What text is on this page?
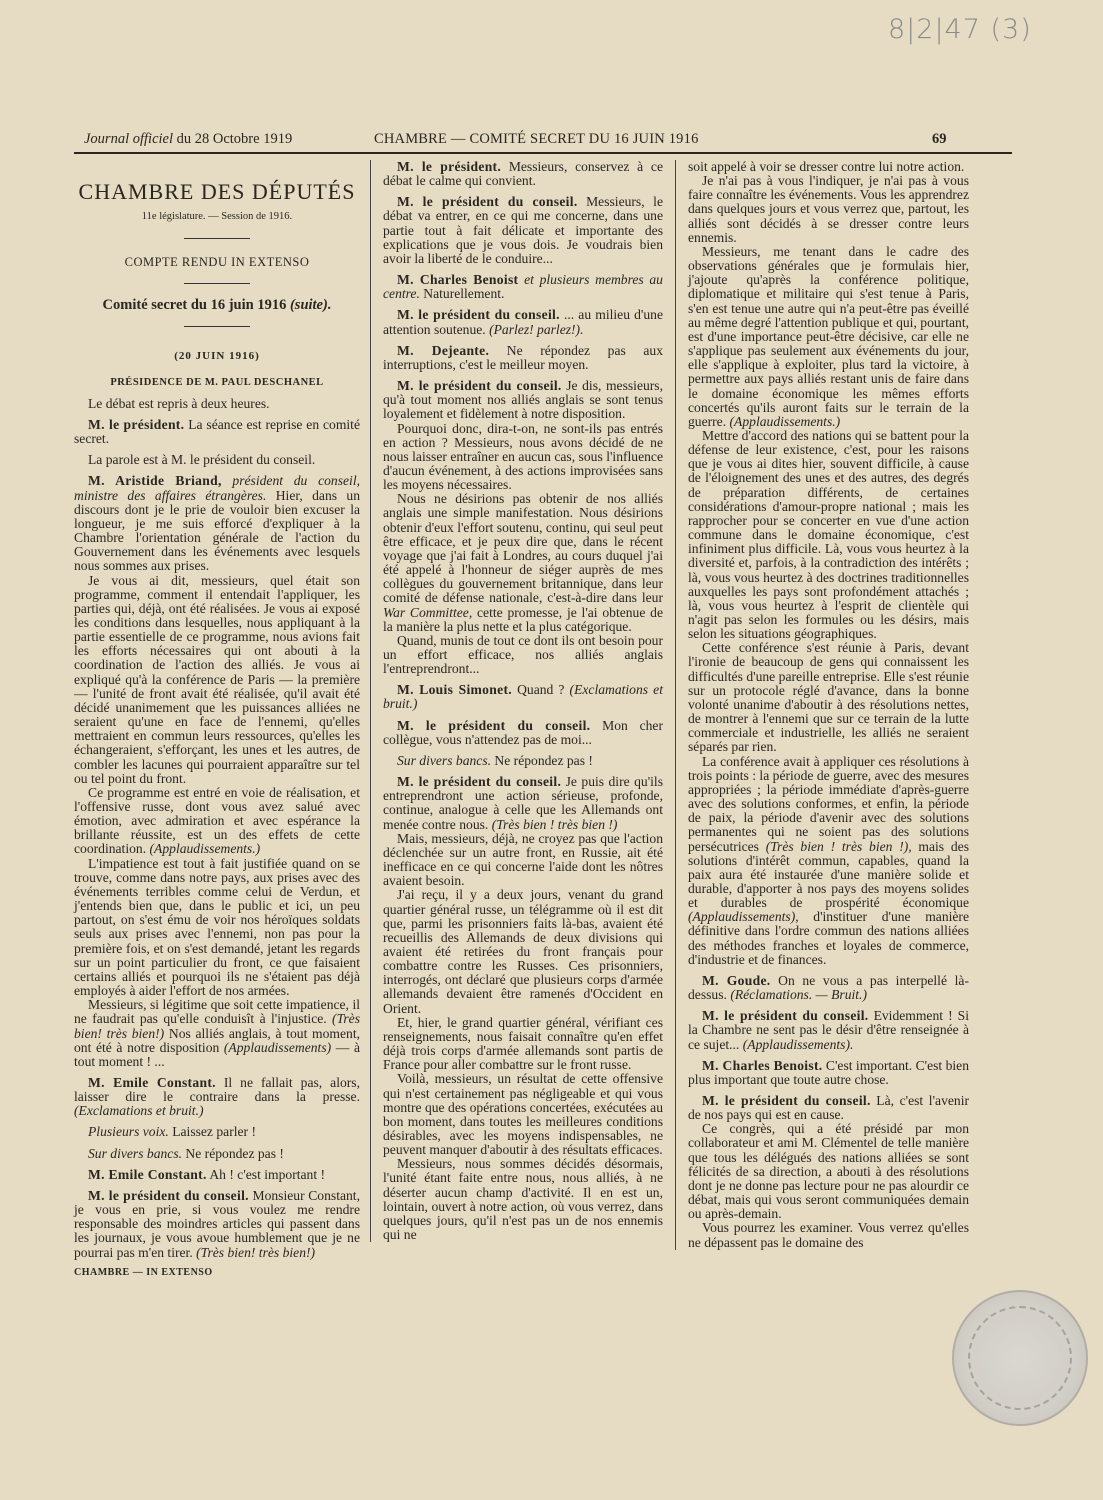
8|2|47 (3)
Journal officiel du 28 Octobre 1919	CHAMBRE — COMITÉ SECRET DU 16 JUIN 1916	69
CHAMBRE DES DÉPUTÉS
11e législature. — Session de 1916.
COMPTE RENDU IN EXTENSO
Comité secret du 16 juin 1916 (suite).
(20 JUIN 1916)
PRÉSIDENCE DE M. PAUL DESCHANEL

Le débat est repris à deux heures.

M. le président. La séance est reprise en comité secret.

La parole est à M. le président du conseil.

M. Aristide Briand, président du conseil, ministre des affaires étrangères. Hier, dans un discours dont je le prie de vouloir bien excuser la longueur, je me suis efforcé d'expliquer à la Chambre l'orientation générale de l'action du Gouvernement dans les événements avec lesquels nous sommes aux prises.

Je vous ai dit, messieurs, quel était son programme, comment il entendait l'appliquer, les parties qui, déjà, ont été réalisées. Je vous ai exposé les conditions dans lesquelles, nous appliquant à la partie essentielle de ce programme, nous avions fait les efforts nécessaires qui ont abouti à la coordination de l'action des alliés. Je vous ai expliqué qu'à la conférence de Paris — la première — l'unité de front avait été réalisée, qu'il avait été décidé unanimement que les puissances alliées ne seraient qu'une en face de l'ennemi, qu'elles mettraient en commun leurs ressources, qu'elles les échangeraient, s'efforçant, les unes et les autres, de combler les lacunes qui pourraient apparaître sur tel ou tel point du front.

Ce programme est entré en voie de réalisation, et l'offensive russe, dont vous avez salué avec émotion, avec admiration et avec espérance la brillante réussite, est un des effets de cette coordination. (Applaudissements.)

L'impatience est tout à fait justifiée quand on se trouve, comme dans notre pays, aux prises avec des événements terribles comme celui de Verdun, et j'entends bien que, dans le public et ici, un peu partout, on s'est ému de voir nos héroïques soldats seuls aux prises avec l'ennemi, non pas pour la première fois, et on s'est demandé, jetant les regards sur un point particulier du front, ce que faisaient certains alliés et pourquoi ils ne s'étaient pas déjà employés à aider l'effort de nos armées.

Messieurs, si légitime que soit cette impatience, il ne faudrait pas qu'elle conduisît à l'injustice. (Très bien! très bien!) Nos alliés anglais, à tout moment, ont été à notre disposition (Applaudissements) — à tout moment ! ...

M. Emile Constant. Il ne fallait pas, alors, laisser dire le contraire dans la presse. (Exclamations et bruit.)

Plusieurs voix. Laissez parler !

Sur divers bancs. Ne répondez pas !

M. Emile Constant. Ah ! c'est important !

M. le président du conseil. Monsieur Constant, je vous en prie, si vous voulez me rendre responsable des moindres articles qui passent dans les journaux, je vous avoue humblement que je ne pourrai pas m'en tirer. (Très bien! très bien!)

CHAMBRE — IN EXTENSO

M. le président. Messieurs, conservez à ce débat le calme qui convient.

M. le président du conseil. Messieurs, le débat va entrer, en ce qui me concerne, dans une partie tout à fait délicate et importante des explications que je vous dois. Je voudrais bien avoir la liberté de le conduire...

M. Charles Benoist et plusieurs membres au centre. Naturellement.

M. le président du conseil. ... au milieu d'une attention soutenue. (Parlez! parlez!).

M. Dejeante. Ne répondez pas aux interruptions, c'est le meilleur moyen.

M. le président du conseil. Je dis, messieurs, qu'à tout moment nos alliés anglais se sont tenus loyalement et fidèlement à notre disposition.

Pourquoi donc, dira-t-on, ne sont-ils pas entrés en action ? Messieurs, nous avons décidé de ne nous laisser entraîner en aucun cas, sous l'influence d'aucun événement, à des actions improvisées sans les moyens nécessaires.

Nous ne désirions pas obtenir de nos alliés anglais une simple manifestation. Nous désirions obtenir d'eux l'effort soutenu, continu, qui seul peut être efficace, et je peux dire que, dans le récent voyage que j'ai fait à Londres, au cours duquel j'ai été appelé à l'honneur de siéger auprès de mes collègues du gouvernement britannique, dans leur comité de défense nationale, c'est-à-dire dans leur War Committee, cette promesse, je l'ai obtenue de la manière la plus nette et la plus catégorique.

Quand, munis de tout ce dont ils ont besoin pour un effort efficace, nos alliés anglais l'entreprendront...

M. Louis Simonet. Quand ? (Exclamations et bruit.)

M. le président du conseil. Mon cher collègue, vous n'attendez pas de moi...

Sur divers bancs. Ne répondez pas !

M. le président du conseil. Je puis dire qu'ils entreprendront une action sérieuse, profonde, continue, analogue à celle que les Allemands ont menée contre nous. (Très bien ! très bien !)

Mais, messieurs, déjà, ne croyez pas que l'action déclenchée sur un autre front, en Russie, ait été inefficace en ce qui concerne l'aide dont les nôtres avaient besoin.

J'ai reçu, il y a deux jours, venant du grand quartier général russe, un télégramme où il est dit que, parmi les prisonniers faits là-bas, avaient été recueillis des Allemands de deux divisions qui avaient été retirées du front français pour combattre contre les Russes. Ces prisonniers, interrogés, ont déclaré que plusieurs corps d'armée allemands devaient être ramenés d'Occident en Orient.

Et, hier, le grand quartier général, vérifiant ces renseignements, nous faisait connaître qu'en effet déjà trois corps d'armée allemands sont partis de France pour aller combattre sur le front russe.

Voilà, messieurs, un résultat de cette offensive qui n'est certainement pas négligeable et qui vous montre que des opérations concertées, exécutées au bon moment, dans toutes les meilleures conditions désirables, avec les moyens indispensables, ne peuvent manquer d'aboutir à des résultats efficaces.

Messieurs, nous sommes décidés désormais, l'unité étant faite entre nous, nous alliés, à ne déserter aucun champ d'activité. Il en est un, lointain, ouvert à notre action, où vous verrez, dans quelques jours, qu'il n'est pas un de nos ennemis qui ne

soit appelé à voir se dresser contre lui notre action.

Je n'ai pas à vous l'indiquer, je n'ai pas à vous faire connaître les événements. Vous les apprendrez dans quelques jours et vous verrez que, partout, les alliés sont décidés à se dresser contre leurs ennemis.

Messieurs, me tenant dans le cadre des observations générales que je formulais hier, j'ajoute qu'après la conférence politique, diplomatique et militaire qui s'est tenue à Paris, s'en est tenue une autre qui n'a peut-être pas éveillé au même degré l'attention publique et qui, pourtant, est d'une importance peut-être décisive, car elle ne s'applique pas seulement aux événements du jour, elle s'applique à exploiter, plus tard la victoire, à permettre aux pays alliés restant unis de faire dans le domaine économique les mêmes efforts concertés qu'ils auront faits sur le terrain de la guerre. (Applaudissements.)

Mettre d'accord des nations qui se battent pour la défense de leur existence, c'est, pour les raisons que je vous ai dites hier, souvent difficile, à cause de l'éloignement des unes et des autres, des degrés de préparation différents, de certaines considérations d'amour-propre national ; mais les rapprocher pour se concerter en vue d'une action commune dans le domaine économique, c'est infiniment plus difficile. Là, vous vous heurtez à la diversité et, parfois, à la contradiction des intérêts ; là, vous vous heurtez à des doctrines traditionnelles auxquelles les pays sont profondément attachés ; là, vous vous heurtez à l'esprit de clientèle qui n'agit pas selon les formules ou les désirs, mais selon les situations géographiques.

Cette conférence s'est réunie à Paris, devant l'ironie de beaucoup de gens qui connaissent les difficultés d'une pareille entreprise. Elle s'est réunie sur un protocole réglé d'avance, dans la bonne volonté unanime d'aboutir à des résolutions nettes, de montrer à l'ennemi que sur ce terrain de la lutte commerciale et industrielle, les alliés ne seraient séparés par rien.

La conférence avait à appliquer ces résolutions à trois points : la période de guerre, avec des mesures appropriées ; la période immédiate d'après-guerre avec des solutions conformes, et enfin, la période de paix, la période d'avenir avec des solutions permanentes qui ne soient pas des solutions persécutrices (Très bien ! très bien !), mais des solutions d'intérêt commun, capables, quand la paix aura été instaurée d'une manière solide et durable, d'apporter à nos pays des moyens solides et durables de prospérité économique (Applaudissements), d'instituer d'une manière définitive dans l'ordre commun des nations alliées des méthodes franches et loyales de commerce, d'industrie et de finances.

M. Goude. On ne vous a pas interpellé là-dessus. (Réclamations. — Bruit.)

M. le président du conseil. Evidemment ! Si la Chambre ne sent pas le désir d'être renseignée à ce sujet... (Applaudissements).

M. Charles Benoist. C'est important. C'est bien plus important que toute autre chose.

M. le président du conseil. Là, c'est l'avenir de nos pays qui est en cause.

Ce congrès, qui a été présidé par mon collaborateur et ami M. Clémentel de telle manière que tous les délégués des nations alliées se sont félicités de sa direction, a abouti à des résolutions dont je ne donne pas lecture pour ne pas alourdir ce débat, mais qui vous seront communiquées demain ou après-demain.

Vous pourrez les examiner. Vous verrez qu'elles ne dépassent pas le domaine des
